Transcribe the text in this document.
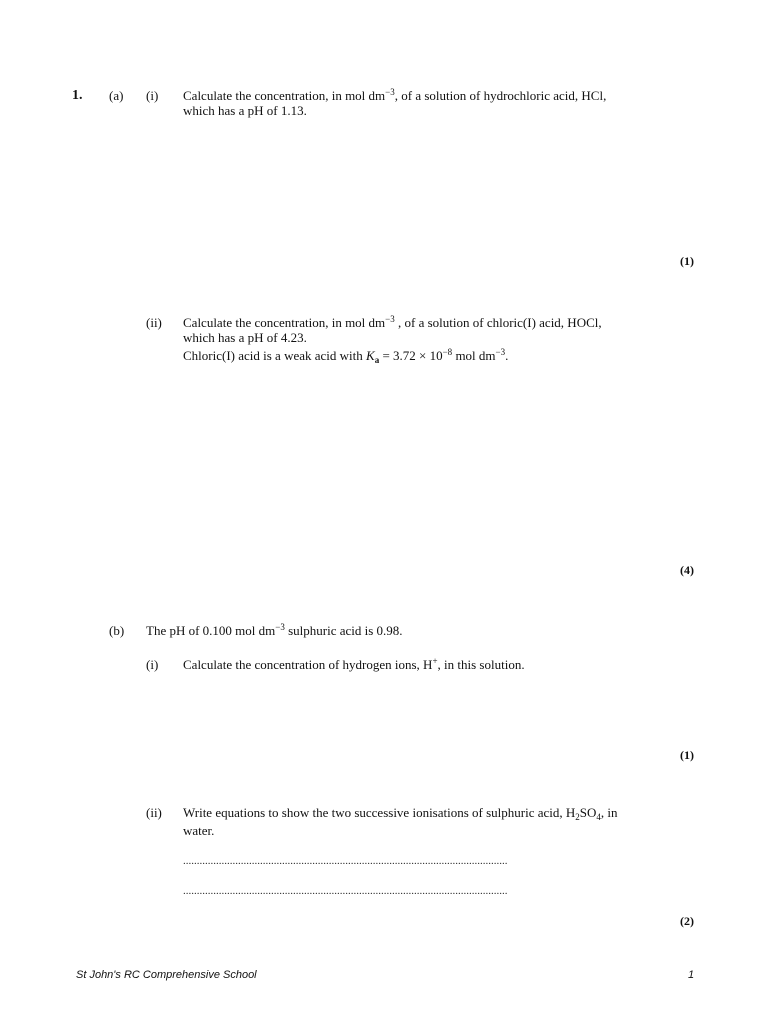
1. (a) (i) Calculate the concentration, in mol $dm^{-3}$, of a solution of hydrochloric acid, HCl,
which has a pH of 1.13.
(1)
(ii) Calculate the concentration, in mol $dm^{-3}$ , of a solution of chloric(I) acid, HOCl,
which has a pH of 4.23.
Chloric(I) acid is a weak acid with $K_a = 3.72 \times 10^{-8}$ mol $dm^{-3}$.
(4)
(b) The pH of 0.100 mol $dm^{-3}$ sulphuric acid is 0.98.
(i) Calculate the concentration of hydrogen ions, H+, in this solution.
(1)
(ii) Write equations to show the two successive ionisations of sulphuric acid, $H_2SO_4$, in
water.
......................................................................................................................
......................................................................................................................
(2)
St John's RC Comprehensive School	1
